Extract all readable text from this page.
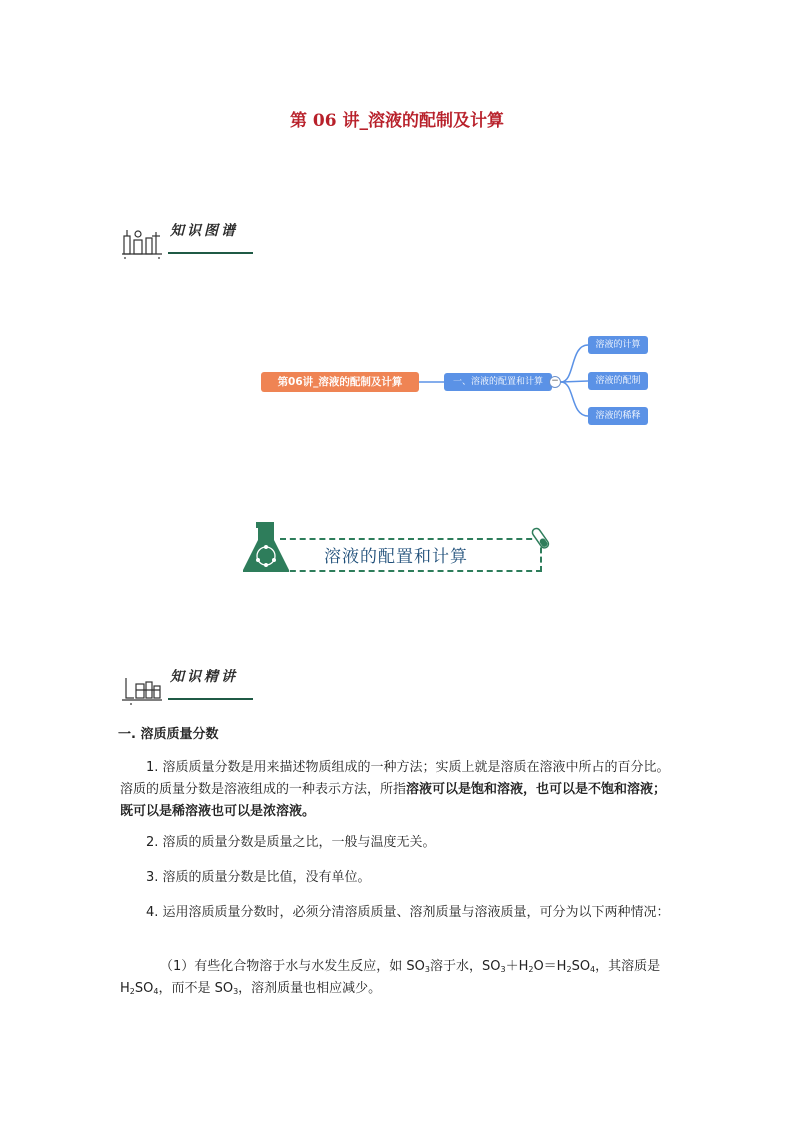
第 06 讲_溶液的配制及计算
知识图谱
第06讲_溶液的配制及计算	一、溶液的配置和计算 −
溶液的计算
溶液的配制
溶液的稀释
溶液的配置和计算
知识精讲
一. 溶质质量分数
1. 溶质质量分数是用来描述物质组成的一种方法；实质上就是溶质在溶液中所占的百分比。溶质的质量分数是溶液组成的一种表示方法，所指溶液可以是饱和溶液，也可以是不饱和溶液；既可以是稀溶液也可以是浓溶液。
2. 溶质的质量分数是质量之比，一般与温度无关。
3. 溶质的质量分数是比值，没有单位。
4. 运用溶质质量分数时，必须分清溶质质量、溶剂质量与溶液质量，可分为以下两种情况：
（1）有些化合物溶于水与水发生反应，如 $SO_3$溶于水，$SO_3+H_2O=H_2SO_4$，其溶质是 $H_2SO_4$，而不是 $SO_3$，溶剂质量也相应减少。
